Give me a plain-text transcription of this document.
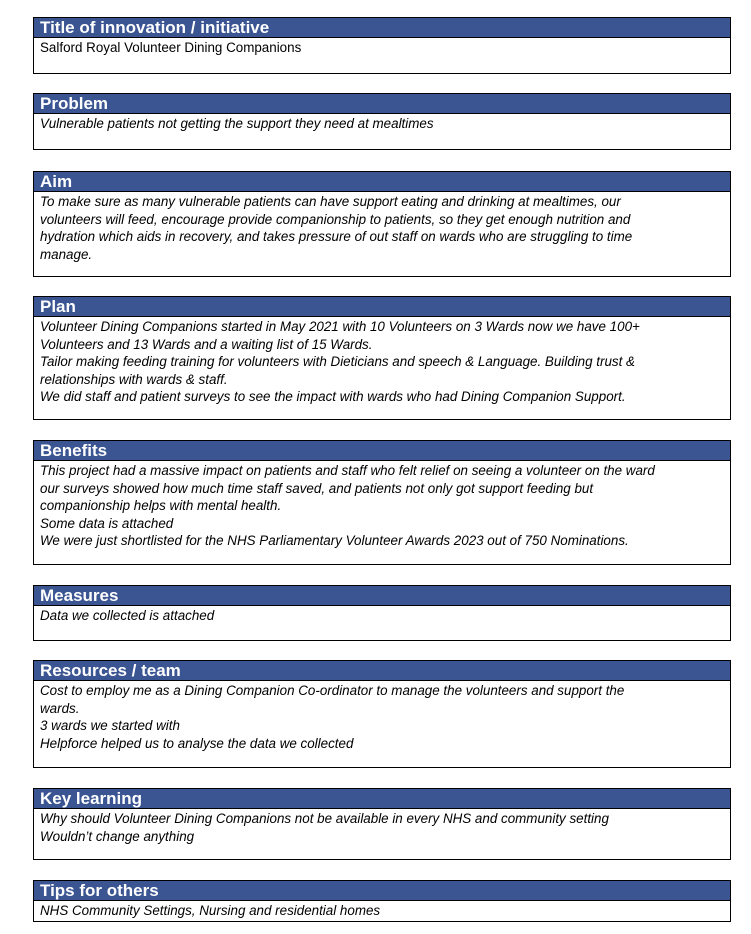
Title of innovation / initiative
Salford Royal Volunteer Dining Companions
Problem
Vulnerable patients not getting the support they need at mealtimes
Aim
To make sure as many vulnerable patients can have support eating and drinking at mealtimes, our
volunteers will feed, encourage provide companionship to patients, so they get enough nutrition and
hydration which aids in recovery, and takes pressure of out staff on wards who are struggling to time
manage.
Plan
Volunteer Dining Companions started in May 2021 with 10 Volunteers on 3 Wards now we have 100+
Volunteers and 13 Wards and a waiting list of 15 Wards.
Tailor making feeding training for volunteers with Dieticians and speech & Language. Building trust &
relationships with wards & staff.
We did staff and patient surveys to see the impact with wards who had Dining Companion Support.
Benefits
This project had a massive impact on patients and staff who felt relief on seeing a volunteer on the ward
our surveys showed how much time staff saved, and patients not only got support feeding but
companionship helps with mental health.
Some data is attached
We were just shortlisted for the NHS Parliamentary Volunteer Awards 2023 out of 750 Nominations.
Measures
Data we collected is attached
Resources / team
Cost to employ me as a Dining Companion Co-ordinator to manage the volunteers and support the
wards.
3 wards we started with
Helpforce helped us to analyse the data we collected
Key learning
Why should Volunteer Dining Companions not be available in every NHS and community setting
Wouldn’t change anything
Tips for others
NHS Community Settings, Nursing and residential homes
